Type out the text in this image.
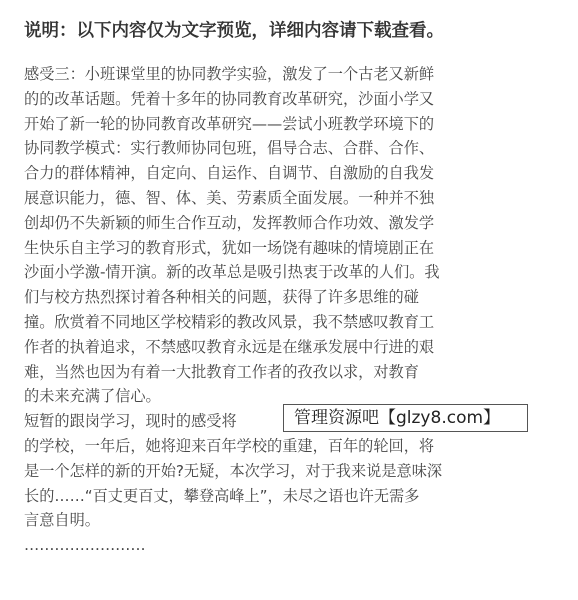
说明：以下内容仅为文字预览，详细内容请下载查看。
感受三：小班课堂里的协同教学实验，激发了一个古老又新鲜
的的改革话题。凭着十多年的协同教育改革研究，沙面小学又
开始了新一轮的协同教育改革研究——尝试小班教学环境下的
协同教学模式：实行教师协同包班，倡导合志、合群、合作、
合力的群体精神，自定向、自运作、自调节、自激励的自我发
展意识能力，德、智、体、美、劳素质全面发展。一种并不独
创却仍不失新颖的师生合作互动，发挥教师合作功效、激发学
生快乐自主学习的教育形式，犹如一场饶有趣味的情境剧正在
沙面小学激-情开演。新的改革总是吸引热衷于改革的人们。我
们与校方热烈探讨着各种相关的问题，获得了许多思维的碰
撞。欣赏着不同地区学校精彩的教改风景，我不禁感叹教育工
作者的执着追求，不禁感叹教育永远是在继承发展中行进的艰
难，当然也因为有着一大批教育工作者的孜孜以求，对教育
的未来充满了信心。
短暂的跟岗学习，现时的感受将
的学校，一年后，她将迎来百年学校的重建，百年的轮回，将
是一个怎样的新的开始?无疑，本次学习，对于我来说是意味深
长的……“百丈更百丈，攀登高峰上”，未尽之语也许无需多
言意自明。
……………………
管理资源吧【glzy8.com】
